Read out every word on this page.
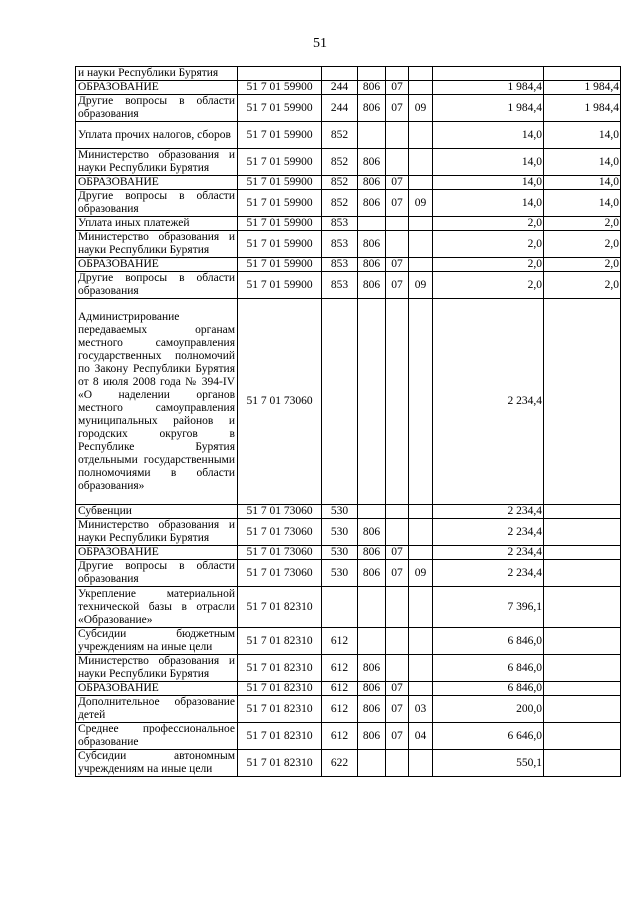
51
и науки Республики Бурятия							
ОБРАЗОВАНИЕ	51 7 01 59900	244	806	07		1 984,4	1 984,4
Другие вопросы в области образования	51 7 01 59900	244	806	07	09	1 984,4	1 984,4
Уплата прочих налогов, сборов	51 7 01 59900	852				14,0	14,0
Министерство образования и науки Республики Бурятия	51 7 01 59900	852	806			14,0	14,0
ОБРАЗОВАНИЕ	51 7 01 59900	852	806	07		14,0	14,0
Другие вопросы в области образования	51 7 01 59900	852	806	07	09	14,0	14,0
Уплата иных платежей	51 7 01 59900	853				2,0	2,0
Министерство образования и науки Республики Бурятия	51 7 01 59900	853	806			2,0	2,0
ОБРАЗОВАНИЕ	51 7 01 59900	853	806	07		2,0	2,0
Другие вопросы в области образования	51 7 01 59900	853	806	07	09	2,0	2,0
Администрирование передаваемых органам местного самоуправления государственных полномочий по Закону Республики Бурятия от 8 июля 2008 года № 394-IV «О наделении органов местного самоуправления муниципальных районов и городских округов в Республике Бурятия отдельными государственными полномочиями в области образования»	51 7 01 73060					2 234,4	
Субвенции	51 7 01 73060	530				2 234,4	
Министерство образования и науки Республики Бурятия	51 7 01 73060	530	806			2 234,4	
ОБРАЗОВАНИЕ	51 7 01 73060	530	806	07		2 234,4	
Другие вопросы в области образования	51 7 01 73060	530	806	07	09	2 234,4	
Укрепление материальной технической базы в отрасли «Образование»	51 7 01 82310					7 396,1	
Субсидии бюджетным учреждениям на иные цели	51 7 01 82310	612				6 846,0	
Министерство образования и науки Республики Бурятия	51 7 01 82310	612	806			6 846,0	
ОБРАЗОВАНИЕ	51 7 01 82310	612	806	07		6 846,0	
Дополнительное образование детей	51 7 01 82310	612	806	07	03	200,0	
Среднее профессиональное образование	51 7 01 82310	612	806	07	04	6 646,0	
Субсидии автономным учреждениям на иные цели	51 7 01 82310	622				550,1	
